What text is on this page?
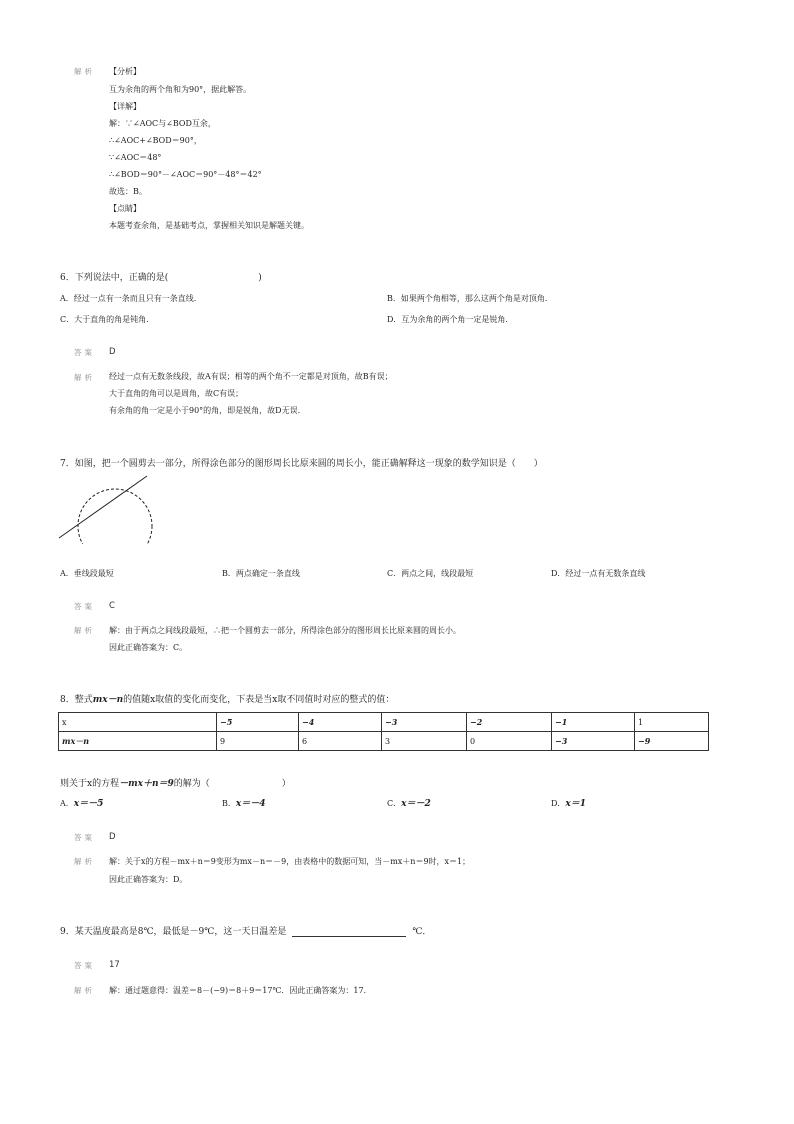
解析 【分析】
互为余角的两个角和为90°，据此解答。
【详解】
解：∵∠AOC与∠BOD互余，
∴∠AOC+∠BOD＝90°，
∵∠AOC＝48°
∴∠BOD＝90°－∠AOC＝90°－48°＝42°
故选：B。
【点睛】
本题考查余角，是基础考点，掌握相关知识是解题关键。
6．下列说法中，正确的是(　　　　　　　　　　)
A．经过一点有一条而且只有一条直线.	B．如果两个角相等，那么这两个角是对顶角.
C．大于直角的角是钝角.	D．互为余角的两个角一定是锐角.
答案 D
解析 经过一点有无数条线段，故A有误；相等的两个角不一定都是对顶角，故B有误；
大于直角的角可以是周角，故C有误；
有余角的角一定是小于90°的角，即是锐角，故D无误.
7．如图，把一个圆剪去一部分，所得涂色部分的图形周长比原来圆的周长小，能正确解释这一现象的数学知识是（　　）
A．垂线段最短	B．两点确定一条直线	C．两点之间，线段最短	D．经过一点有无数条直线
答案 C
解析 解：由于两点之间线段最短，∴把一个圆剪去一部分，所得涂色部分的图形周长比原来圆的周长小。
因此正确答案为：C。
8．整式mx－n的值随x取值的变化而变化，下表是当x取不同值时对应的整式的值：
x	−5	−4	−3	−2	−1	1
mx－n	9	6	3	0	−3	−9
则关于x的方程－mx＋n＝9的解为（　　　　　　　　）
A．x＝－5	B．x＝－4	C．x＝－2	D．x＝1
答案 D
解析 解：关于x的方程－mx＋n＝9变形为mx－n＝－9，由表格中的数据可知，当－mx＋n＝9时，x＝1；
因此正确答案为：D。
9．某天温度最高是8℃，最低是－9℃，这一天日温差是	℃．
答案 17
解析 解：通过题意得：温差＝8－(−9)＝8＋9＝17℃．因此正确答案为：17．
